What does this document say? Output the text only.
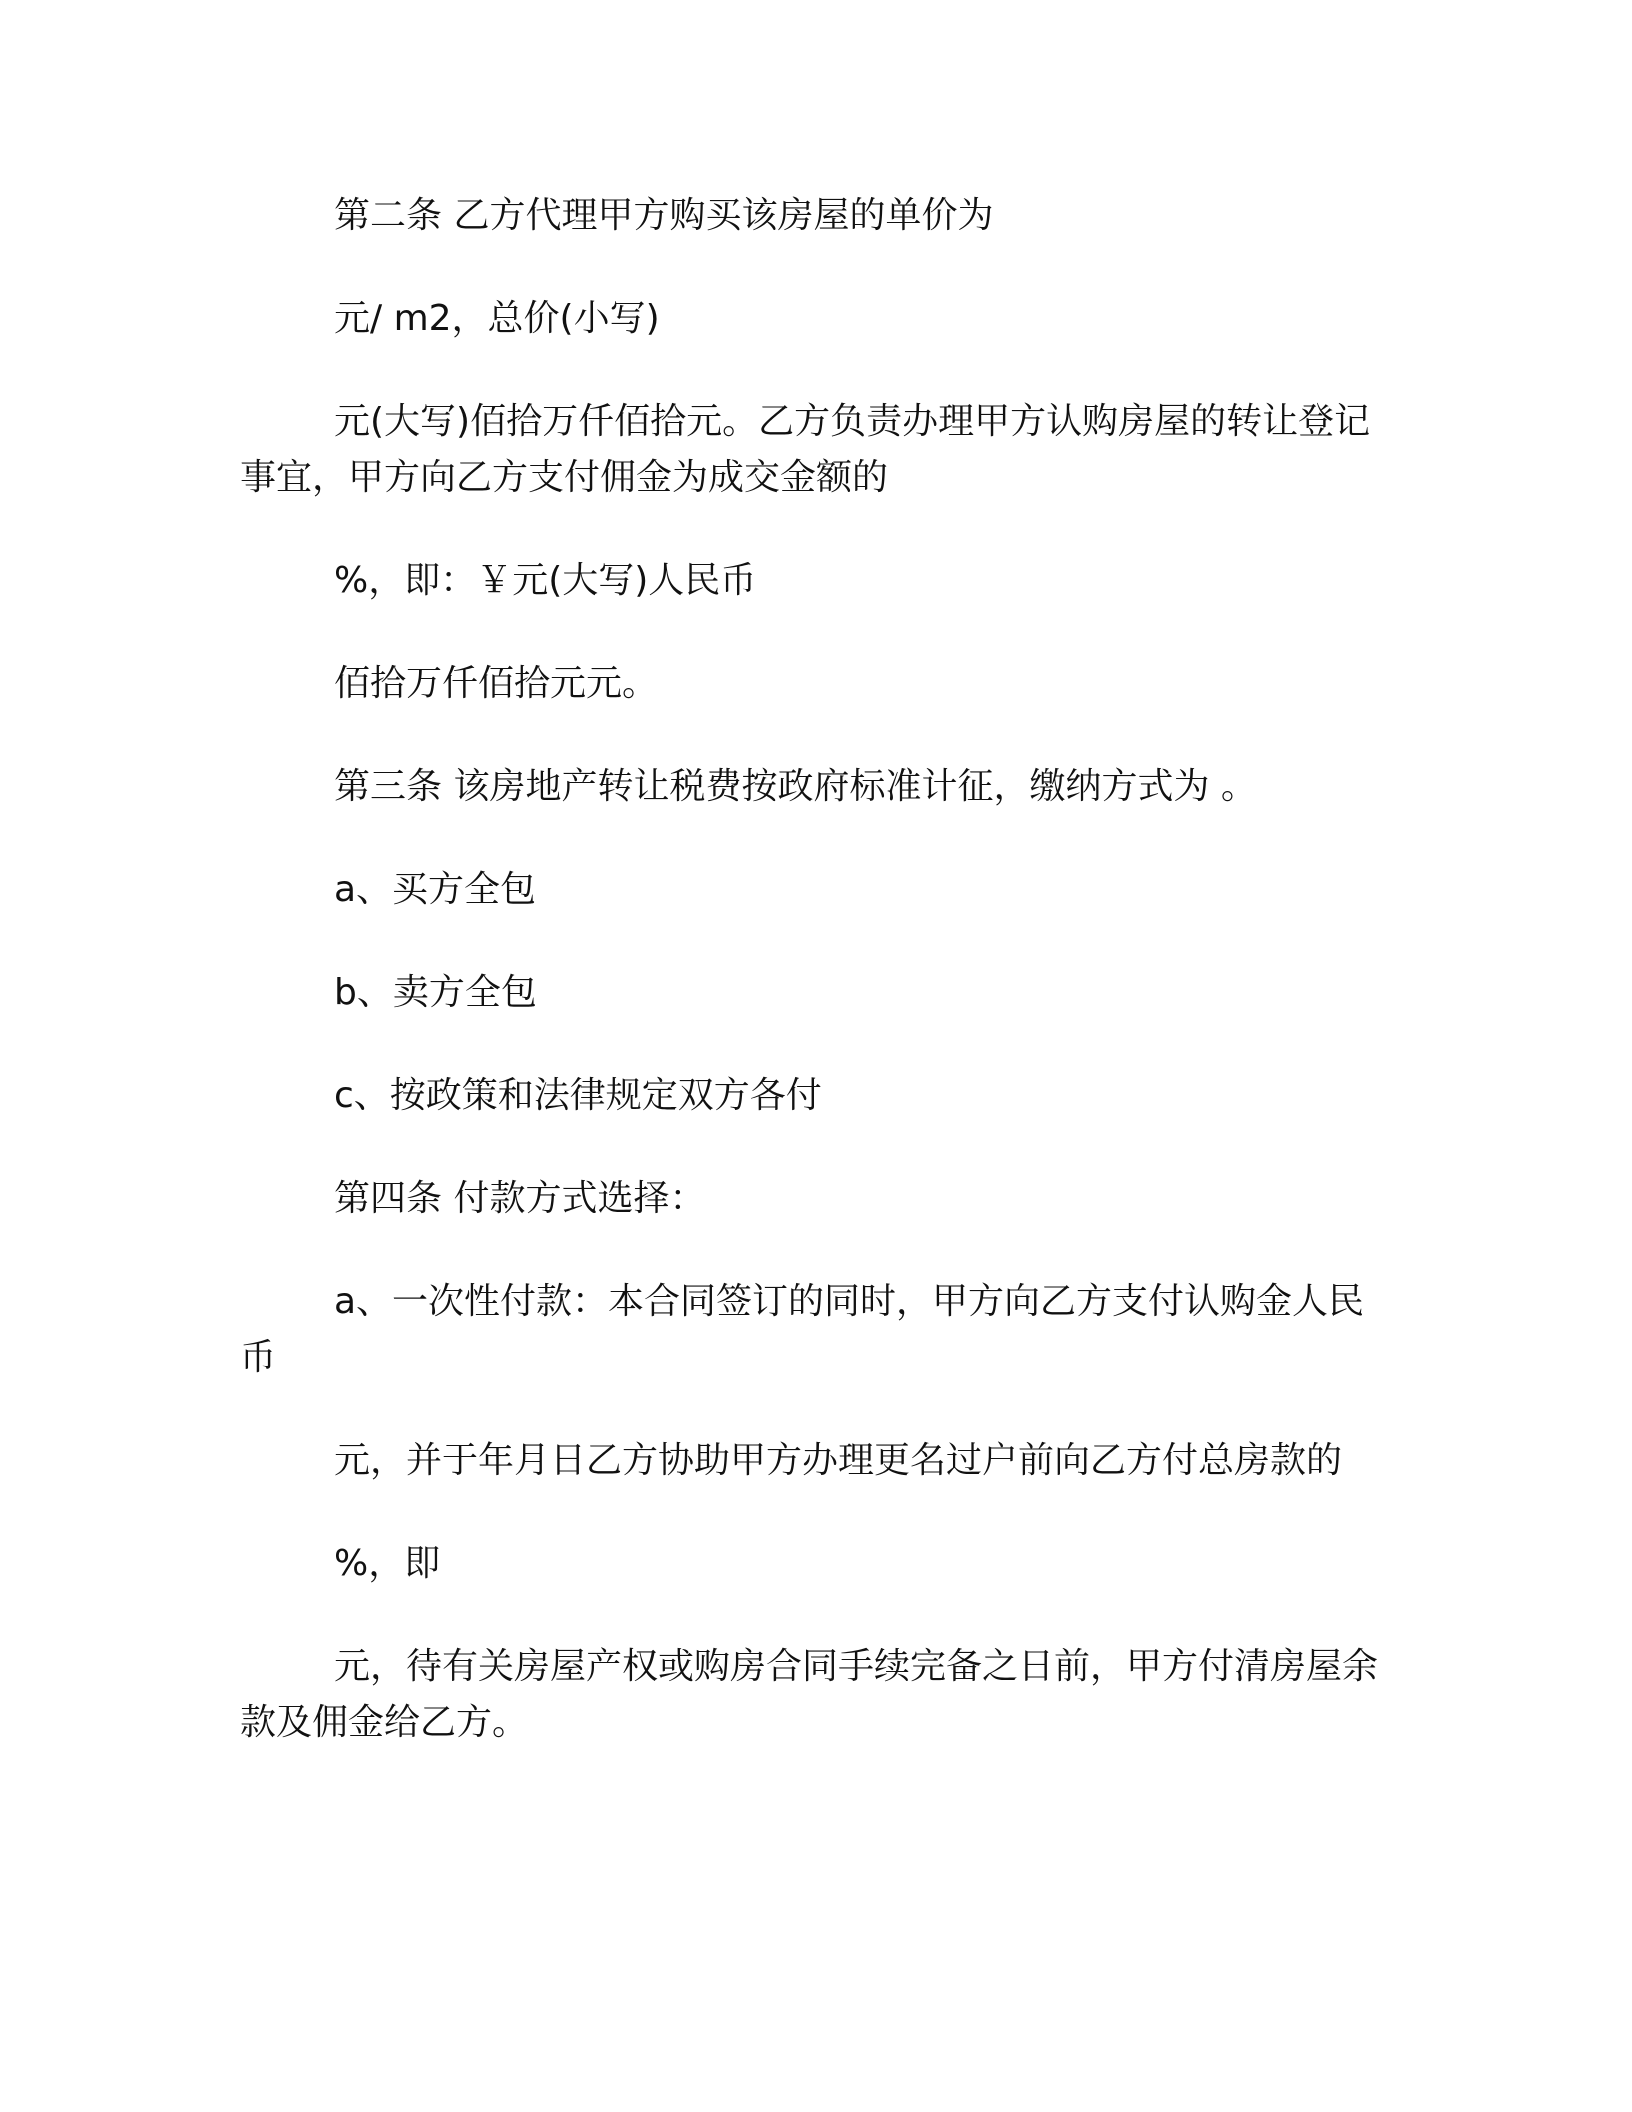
第二条 乙方代理甲方购买该房屋的单价为

元/ m2，总价(小写)

元(大写)佰拾万仟佰拾元。乙方负责办理甲方认购房屋的转让登记事宜，甲方向乙方支付佣金为成交金额的

%，即：￥元(大写)人民币

佰拾万仟佰拾元元。

第三条 该房地产转让税费按政府标准计征，缴纳方式为 。

a、买方全包

b、卖方全包

c、按政策和法律规定双方各付

第四条 付款方式选择：

a、一次性付款：本合同签订的同时，甲方向乙方支付认购金人民币

元，并于年月日乙方协助甲方办理更名过户前向乙方付总房款的

%，即

元，待有关房屋产权或购房合同手续完备之日前，甲方付清房屋余款及佣金给乙方。
